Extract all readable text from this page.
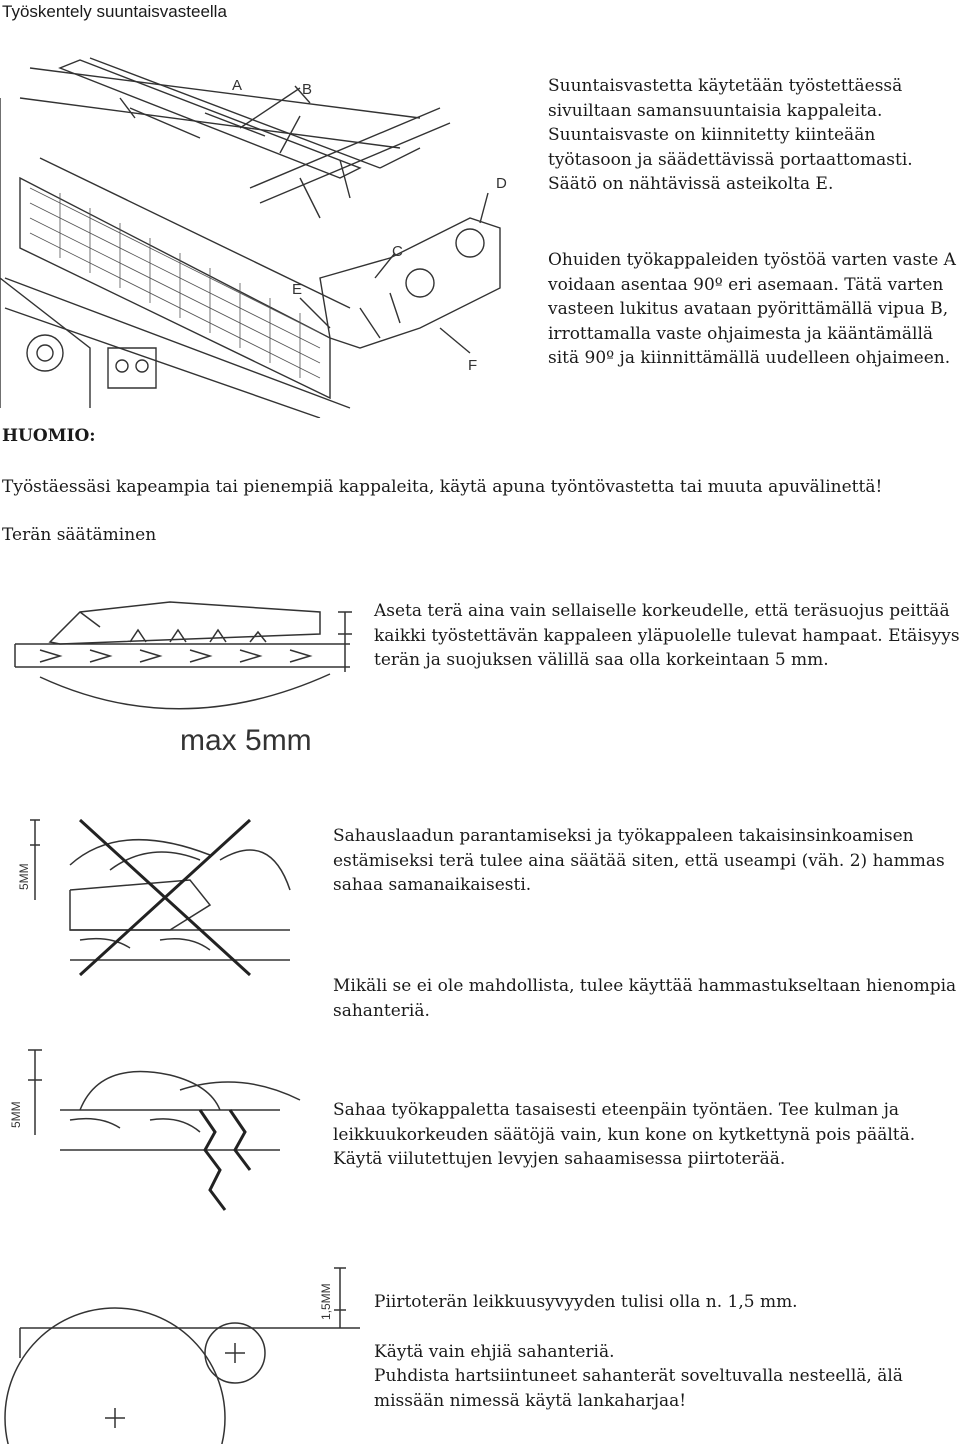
Työskentely suuntaisvasteella
A	B
C
D
E
F

Suuntaisvastetta käytetään työstettäessä sivuiltaan samansuuntaisia kappaleita. Suuntaisvaste on kiinnitetty kiinteään työtasoon ja säädettävissä portaattomasti. Säätö on nähtävissä asteikolta E.

Ohuiden työkappaleiden työstöä varten vaste A voidaan asentaa 90º eri asemaan. Tätä varten vasteen lukitus avataan pyörittämällä vipua B, irrottamalla vaste ohjaimesta ja kääntämällä sitä 90º ja kiinnittämällä uudelleen ohjaimeen.

HUOMIO:
Työstäessäsi kapeampia tai pienempiä kappaleita, käytä apuna työntövastetta tai muuta apuvälinettä!
Terän säätäminen
max 5mm

Aseta terä aina vain sellaiselle korkeudelle, että teräsuojus peittää kaikki työstettävän kappaleen yläpuolelle tulevat hampaat. Etäisyys terän ja suojuksen välillä saa olla korkeintaan 5 mm.

5MM

Sahauslaadun parantamiseksi ja työkappaleen takaisinsinkoamisen estämiseksi terä tulee aina säätää siten, että useampi (väh. 2) hammas sahaa samanaikaisesti.

Mikäli se ei ole mahdollista, tulee käyttää hammastukseltaan hienompia sahanteriä.

5MM	Sahaa työkappaletta tasaisesti eteenpäin työntäen. Tee kulman ja leikkuukorkeuden säätöjä vain, kun kone on kytkettynä pois päältä. Käytä viilutettujen levyjen sahaamisessa piirtoterää.

1,5MM Piirtoterän leikkuusyvyyden tulisi olla n. 1,5 mm.

Käytä vain ehjiä sahanteriä.

Puhdista hartsiintuneet sahanterät soveltuvalla nesteellä, älä missään nimessä käytä lankaharjaa!
